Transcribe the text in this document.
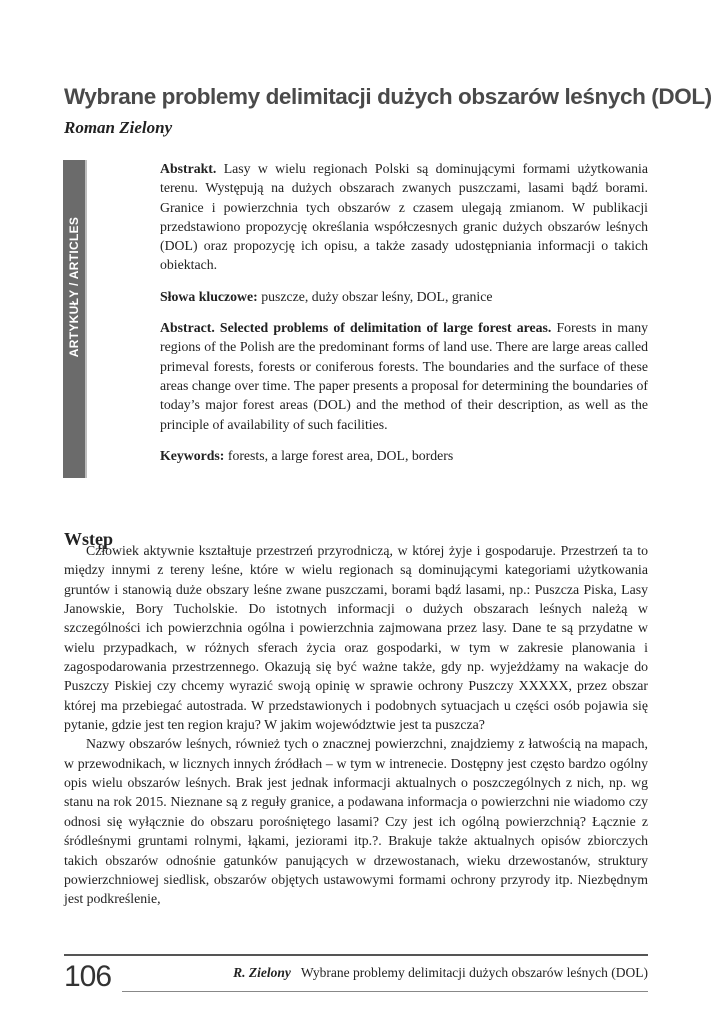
Wybrane problemy delimitacji dużych obszarów leśnych (DOL)
Roman Zielony
ARTYKUŁY / ARTICLES

Abstrakt. Lasy w wielu regionach Polski są dominującymi formami użytkowania terenu. Występują na dużych obszarach zwanych puszczami, lasami bądź borami. Granice i powierzchnia tych obszarów z czasem ulegają zmianom. W publikacji przedstawiono propozycję określania współczesnych granic dużych obszarów leśnych (DOL) oraz propozycję ich opisu, a także zasady udostępniania informacji o takich obiektach.

Słowa kluczowe: puszcze, duży obszar leśny, DOL, granice

Abstract. Selected problems of delimitation of large forest areas. Forests in many regions of the Polish are the predominant forms of land use. There are large areas called primeval forests, forests or coniferous forests. The boundaries and the surface of these areas change over time. The paper presents a proposal for determining the boundaries of today’s major forest areas (DOL) and the method of their description, as well as the principle of availability of such facilities.

Keywords: forests, a large forest area, DOL, borders

Wstęp

Człowiek aktywnie kształtuje przestrzeń przyrodniczą, w której żyje i gospodaruje. Przestrzeń ta to między innymi z tereny leśne, które w wielu regionach są dominującymi kategoriami użytkowania gruntów i stanowią duże obszary leśne zwane puszczami, borami bądź lasami, np.: Puszcza Piska, Lasy Janowskie, Bory Tucholskie. Do istotnych informacji o dużych obszarach leśnych należą w szczególności ich powierzchnia ogólna i powierzchnia zajmowana przez lasy. Dane te są przydatne w wielu przypadkach, w różnych sferach życia oraz gospodarki, w tym w zakresie planowania i zagospodarowania przestrzennego. Okazują się być ważne także, gdy np. wyjeżdżamy na wakacje do Puszczy Piskiej czy chcemy wyrazić swoją opinię w sprawie ochrony Puszczy XXXXX, przez obszar której ma przebiegać autostrada. W przedstawionych i podobnych sytuacjach u części osób pojawia się pytanie, gdzie jest ten region kraju? W jakim województwie jest ta puszcza?

Nazwy obszarów leśnych, również tych o znacznej powierzchni, znajdziemy z łatwością na mapach, w przewodnikach, w licznych innych źródłach – w tym w intrenecie. Dostępny jest często bardzo ogólny opis wielu obszarów leśnych. Brak jest jednak informacji aktualnych o poszczególnych z nich, np. wg stanu na rok 2015. Nieznane są z reguły granice, a podawana informacja o powierzchni nie wiadomo czy odnosi się wyłącznie do obszaru porośniętego lasami? Czy jest ich ogólną powierzchnią? Łącznie z śródleśnymi gruntami rolnymi, łąkami, jeziorami itp.?. Brakuje także aktualnych opisów zbiorczych takich obszarów odnośnie gatunków panujących w drzewostanach, wieku drzewostanów, struktury powierzchniowej siedlisk, obszarów objętych ustawowymi formami ochrony przyrody itp. Niezbędnym jest podkreślenie,

106	R. Zielony Wybrane problemy delimitacji dużych obszarów leśnych (DOL)
